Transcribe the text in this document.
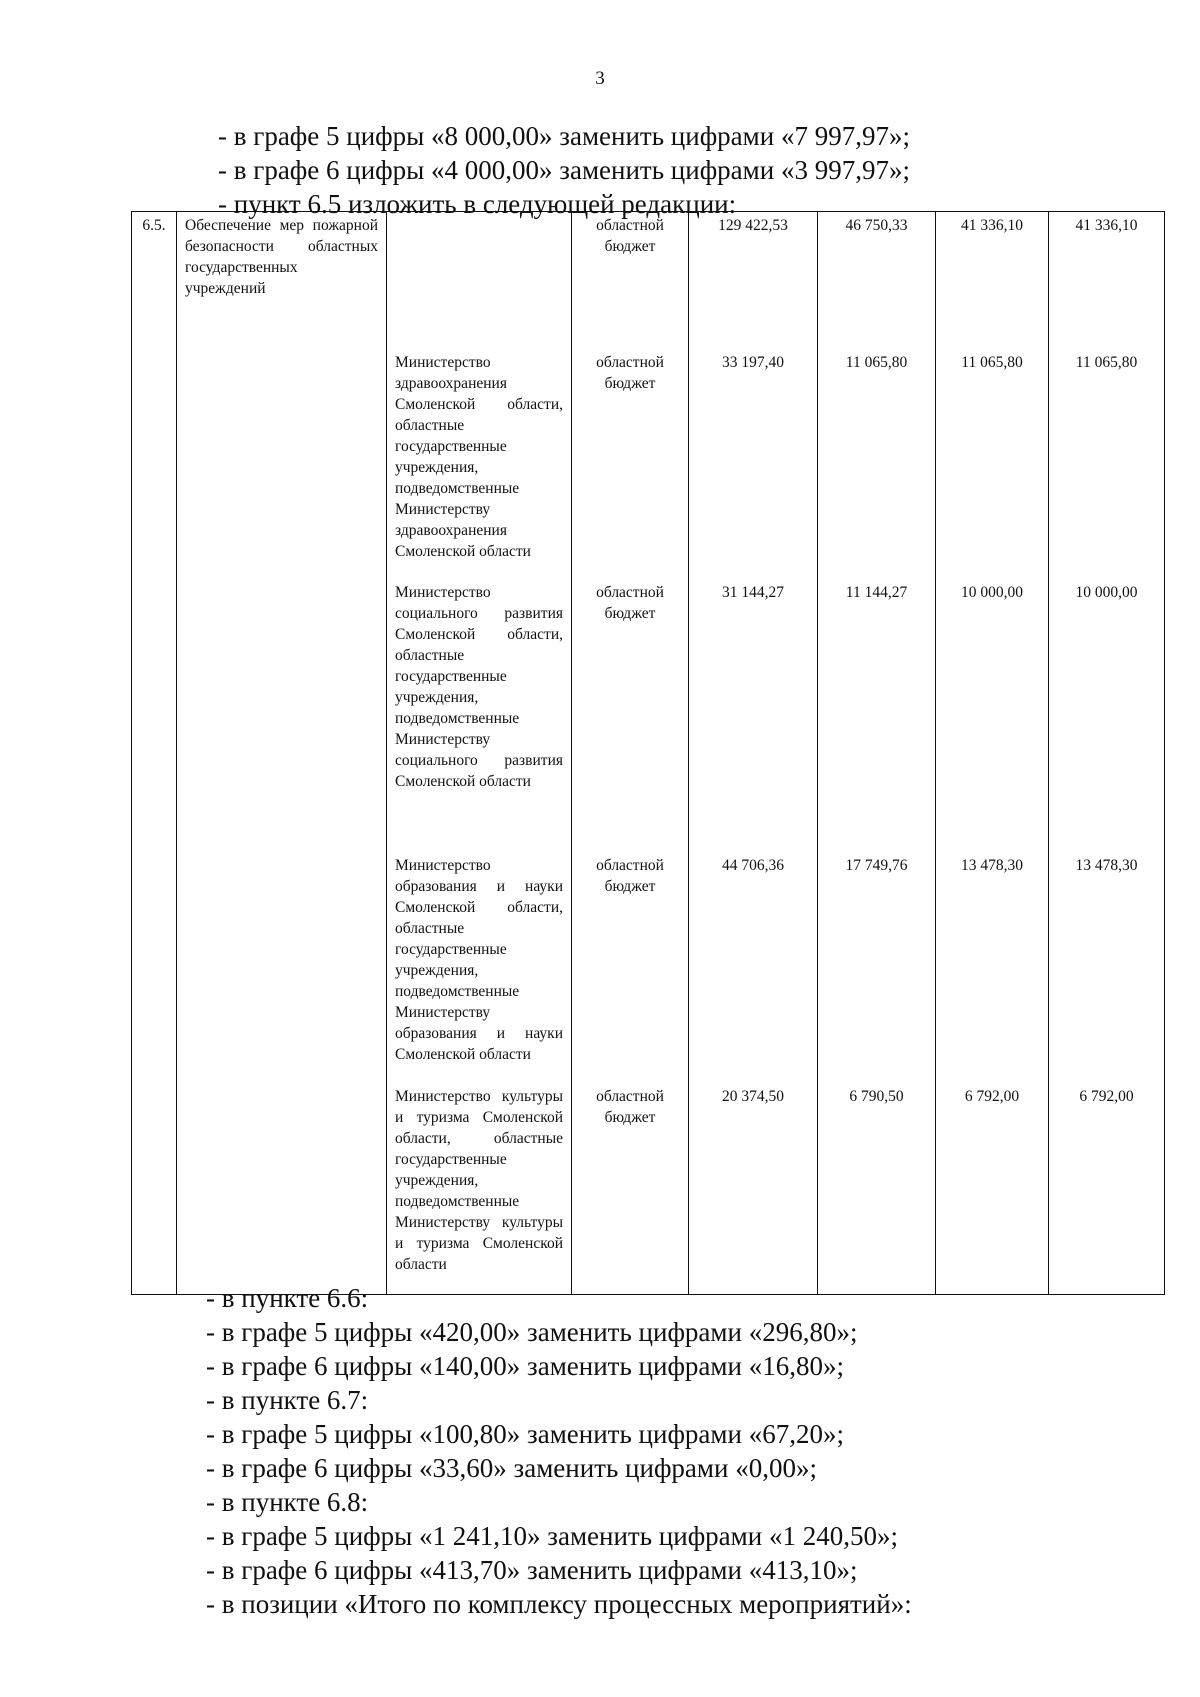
3
- в графе 5 цифры «8 000,00» заменить цифрами «7 997,97»;
- в графе 6 цифры «4 000,00» заменить цифрами «3 997,97»;
- пункт 6.5 изложить в следующей редакции:
6.5.	Обеспечение мер пожарной безопасности областных государственных учреждений		областной бюджет	129 422,53	46 750,33	41 336,10	41 336,10
		Министерство здравоохранения Смоленской области, областные государственные учреждения, подведомственные Министерству здравоохранения Смоленской области	областной бюджет	33 197,40	11 065,80	11 065,80	11 065,80
		Министерство социального развития Смоленской области, областные государственные учреждения, подведомственные Министерству социального развития Смоленской области	областной бюджет	31 144,27	11 144,27	10 000,00	10 000,00
		Министерство образования и науки Смоленской области, областные государственные учреждения, подведомственные Министерству образования и науки Смоленской области	областной бюджет	44 706,36	17 749,76	13 478,30	13 478,30
		Министерство культуры и туризма Смоленской области, областные государственные учреждения, подведомственные Министерству культуры и туризма Смоленской области	областной бюджет	20 374,50	6 790,50	6 792,00	6 792,00
- в пункте 6.6:
- в графе 5 цифры «420,00» заменить цифрами «296,80»;
- в графе 6 цифры «140,00» заменить цифрами «16,80»;
- в пункте 6.7:
- в графе 5 цифры «100,80» заменить цифрами «67,20»;
- в графе 6 цифры «33,60» заменить цифрами «0,00»;
- в пункте 6.8:
- в графе 5 цифры «1 241,10» заменить цифрами «1 240,50»;
- в графе 6 цифры «413,70» заменить цифрами «413,10»;
- в позиции «Итого по комплексу процессных мероприятий»:
